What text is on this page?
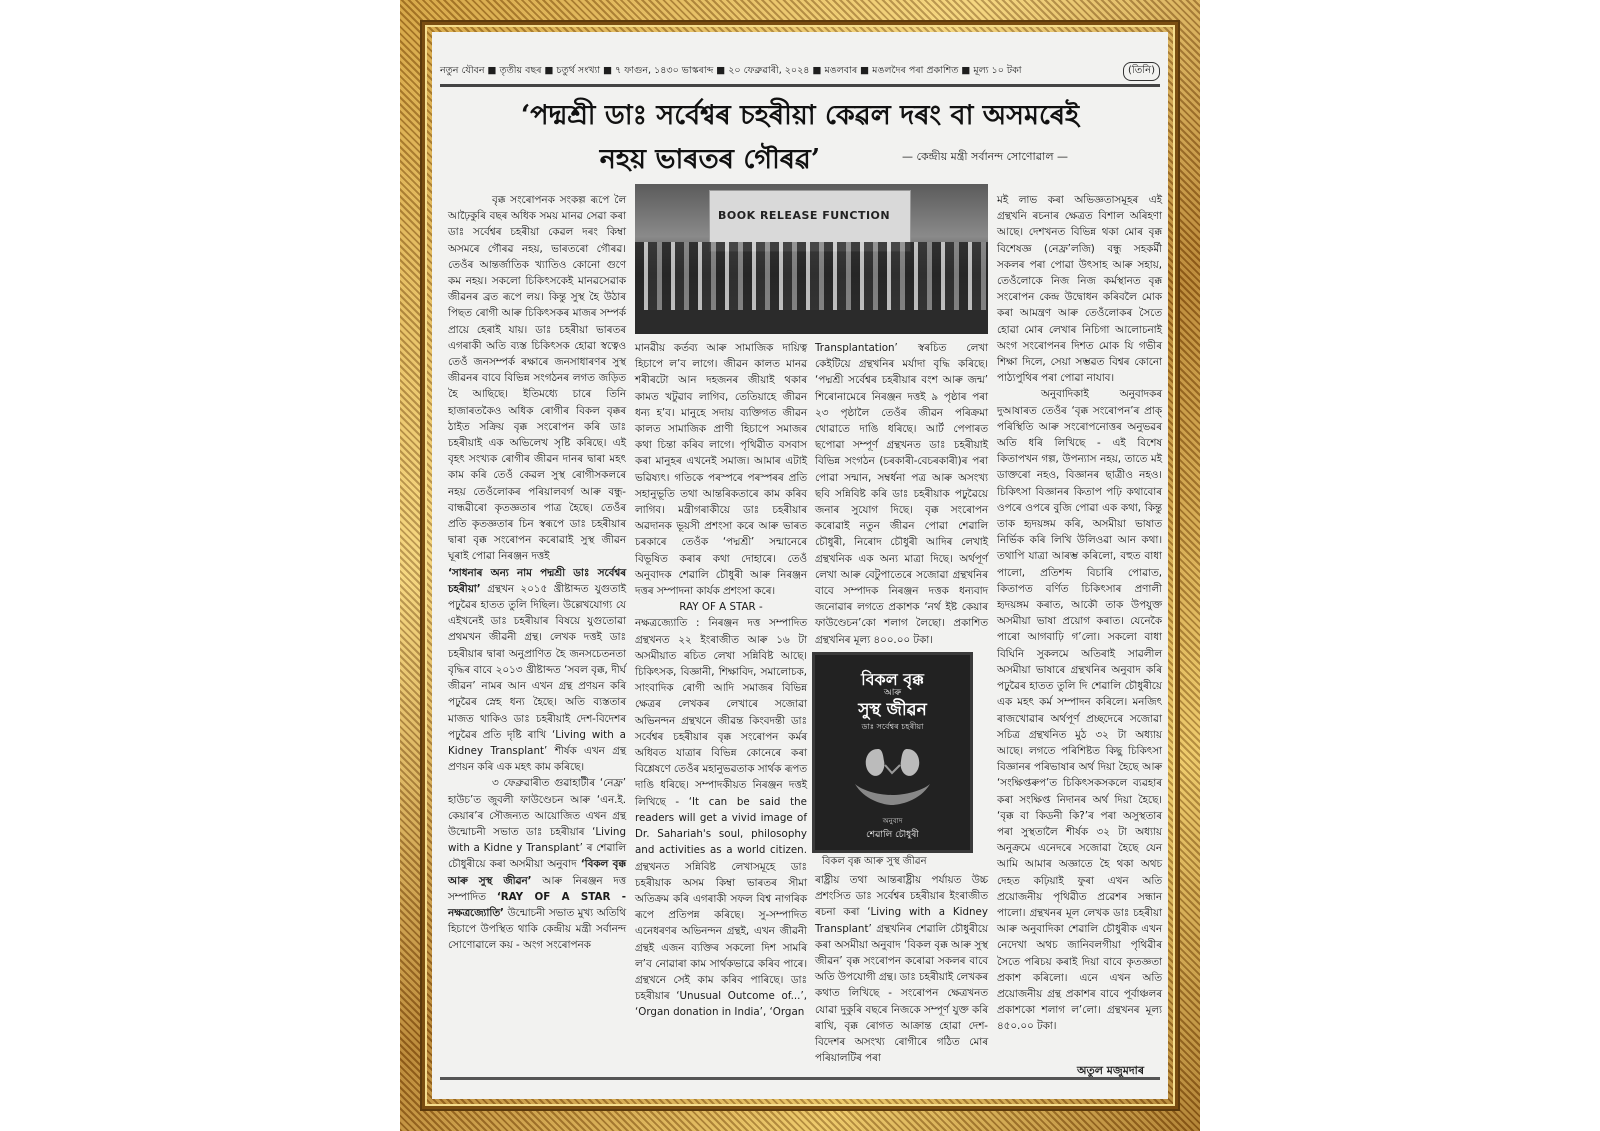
নতুন যৌবন ■ তৃতীয় বছৰ ■ চতুৰ্থ সংখ্যা ■ ৭ ফাগুন, ১৪৩০ ভাস্কৰাব্দ ■ ২০ ফেব্ৰুৱাৰী, ২০২৪ ■ মঙলবাৰ ■ মঙলদৈৰ পৰা প্ৰকাশিত ■ মূল্য ১০ টকা	(তিনি)
‘পদ্মশ্ৰী ডাঃ সৰ্বেশ্বৰ চহৰীয়া কেৱল দৰং বা অসমৰেই
নহয় ভাৰতৰ গৌৰৱ’	— কেন্দ্ৰীয় মন্ত্ৰী সৰ্বানন্দ সোণোৱাল —

বৃক্ক সংৰোপনক সংকল্প ৰূপে লৈ আঢ়ৈকুৰি বছৰ অধিক সময় মানৱ সেৱা কৰা ডাঃ সৰ্বেশ্বৰ চহৰীয়া কেৱল দৰং কিম্বা অসমৰে গৌৰৱ নহয়, ভাৰতৰো গৌৰৱ। তেওঁৰ আন্তৰ্জাতিক খ্যাতিও কোনো গুণে কম নহয়। সকলো চিকিৎসকেই মানৱসেৱাক জীৱনৰ ব্ৰত ৰূপে লয়। কিন্তু সুস্থ হৈ উঠাৰ পিছত ৰোগী আৰু চিকিৎসকৰ মাজৰ সম্পৰ্ক প্ৰায়ে হেৰাই যায়। ডাঃ চহৰীয়া ভাৰতৰ এগৰাকী অতি ব্যস্ত চিকিৎসক হোৱা স্বত্বেও তেওঁ জনসম্পৰ্ক ৰক্ষাৰে জনসাধাৰণৰ সুস্থ জীৱনৰ বাবে বিভিন্ন সংগঠনৰ লগত জড়িত হৈ আছিছে। ইতিমধ্যে চাৰে তিনি হাজাৰতকৈও অধিক ৰোগীৰ বিকল বৃক্কৰ ঠাইত সক্ৰিয় বৃক্ক সংৰোপন কৰি ডাঃ চহৰীয়াই এক অভিলেখ সৃষ্টি কৰিছে। এই বৃহৎ সংখ্যক ৰোগীৰ জীৱন দানৰ দ্বাৰা মহৎ কাম কৰি তেওঁ কেৱল সুস্থ ৰোগীসকলৰে নহয় তেওঁলোকৰ পৰিয়ালবৰ্গ আৰু বন্ধু-বান্ধৱীৰো কৃতজ্ঞতাৰ পাত্ৰ হৈছে। তেওঁৰ প্ৰতি কৃতজ্ঞতাৰ চিন স্বৰূপে ডাঃ চহৰীয়াৰ দ্বাৰা বৃক্ক সংৰোপন কৰোৱাই সুস্থ জীৱন ঘূৰাই পোৱা নিৰঞ্জন দত্তই

‘সাধনাৰ অন্য নাম পদ্মশ্ৰী ডাঃ সৰ্বেশ্বৰ চহৰীয়া’ গ্ৰন্থখন ২০১৫ খ্ৰীষ্টাব্দত যুগুতাই পঢ়ুৱৈৰ হাতত তুলি দিছিল। উল্লেখযোগ্য যে এইখনেই ডাঃ চহৰীয়াৰ বিষয়ে যুগুতোৱা প্ৰথমখন জীৱনী গ্ৰন্থ। লেখক দত্তই ডাঃ চহৰীয়াৰ দ্বাৰা অনুপ্ৰাণিত হৈ জনসচেতনতা বৃদ্ধিৰ বাবে ২০১৩ খ্ৰীষ্টাব্দত ‘সবল বৃক্ক, দীৰ্ঘ জীৱন’ নামৰ আন এখন গ্ৰন্থ প্ৰণয়ন কৰি পঢ়ুৱৈৰ স্নেহ ধন্য হৈছে। অতি ব্যস্ততাৰ মাজত থাকিও ডাঃ চহৰীয়াই দেশ-বিদেশৰ পঢ়ুৱৈৰ প্ৰতি দৃষ্টি ৰাখি ‘Living with a Kidney Transplant’ শীৰ্ষক এখন গ্ৰন্থ প্ৰণয়ন কৰি এক মহৎ কাম কৰিছে।

৩ ফেব্ৰুৱাৰীত গুৱাহাটীৰ ‘নেফ্ৰ’ হাউচ’ত জুবলী ফাউণ্ডেচন আৰু ‘এন.ই. কেয়াৰ’ৰ সৌজন্যত আয়োজিত এখন গ্ৰন্থ উন্মোচনী সভাত ডাঃ চহৰীয়াৰ ‘Living with a Kidne y Transplant’ ৰ শেৱালি চৌধুৰীয়ে কৰা অসমীয়া অনুবাদ ‘বিকল বৃক্ক আৰু সুস্থ জীৱন’ আৰু নিৰঞ্জন দত্ত সম্পাদিত ‘RAY OF A STAR - নক্ষত্ৰজ্যোতি’ উন্মোচনী সভাত মুখ্য অতিথি হিচাপে উপস্থিত থাকি কেন্দ্ৰীয় মন্ত্ৰী সৰ্বানন্দ সোণোৱালে কয় - অংগ সংৰোপনক

BOOK RELEASE FUNCTION

মানৱীয় কৰ্তব্য আৰু সামাজিক দায়িত্ব হিচাপে ল’ব লাগে। জীৱন কালত মানৱ শৰীৰটো আন দহজনৰ জীয়াই থকাৰ কামত খটুৱাব লাগিব, তেতিয়াহে জীৱন ধন্য হ’ব। মানুহে সদায় ব্যক্তিগত জীৱন কালত সামাজিক প্ৰাণী হিচাপে সমাজৰ কথা চিন্তা কৰিব লাগে। পৃথিৱীত বসবাস কৰা মানুহৰ এখনেই সমাজ। আমাৰ এটাই ভৱিষ্যৎ। গতিকে পৰস্পৰে পৰস্পৰৰ প্ৰতি সহানুভূতি তথা আন্তৰিকতাৰে কাম কৰিব লাগিব। মন্ত্ৰীগৰাকীয়ে ডাঃ চহৰীয়াৰ অৱদানক ভূয়সী প্ৰশংসা কৰে আৰু ভাৰত চৰকাৰে তেওঁক ‘পদ্মশ্ৰী’ সন্মানেৰে বিভূষিত কৰাৰ কথা দোহাৰে। তেওঁ অনুবাদক শেৱালি চৌধুৰী আৰু নিৰঞ্জন দত্তৰ সম্পাদনা কাৰ্যক প্ৰশংসা কৰে।

RAY OF A STAR -

নক্ষত্ৰজ্যোতি : নিৰঞ্জন দত্ত সম্পাদিত গ্ৰন্থখনত ২২ ইংৰাজীত আৰু ১৬ টা অসমীয়াত ৰচিত লেখা সন্নিবিষ্ট আছে। চিকিৎসক, বিজ্ঞানী, শিক্ষাবিদ, সমালোচক, সাংবাদিক ৰোগী আদি সমাজৰ বিভিন্ন ক্ষেত্ৰৰ লেখকৰ লেখাৰে সজোৱা অভিনন্দন গ্ৰন্থখনে জীৱন্ত কিংবদন্তী ডাঃ সৰ্বেশ্বৰ চহৰীয়াৰ বৃক্ক সংৰোপন কৰ্মৰ অধিবত যাত্ৰাৰ বিভিন্ন কোনেৰে কৰা বিশ্লেষণে তেওঁৰ মহানুভৱতাক সাৰ্থক ৰূপত দাঙি ধৰিছে। সম্পাদকীয়ত নিৰঞ্জন দত্তই লিখিছে - ‘It can be said the readers will get a vivid image of Dr. Sahariah's soul, philosophy and activities as a world citizen. গ্ৰন্থখনত সন্নিবিষ্ট লেখাসমূহে ডাঃ চহৰীয়াক অসম কিম্বা ভাৰতৰ সীমা অতিক্ৰম কৰি এগৰাকী সফল বিশ্ব নাগৰিক ৰূপে প্ৰতিপন্ন কৰিছে। সু-সম্পাদিত এনেধৰণৰ অভিনন্দন গ্ৰন্থই, এখন জীৱনী গ্ৰন্থই এজন ব্যক্তিৰ সকলো দিশ সামৰি ল’ব নোৱাৰা কাম সাৰ্থকভাৱে কৰিব পাৰে। গ্ৰন্থখনে সেই কাম কৰিব পাৰিছে। ডাঃ চহৰীয়াৰ ‘Unusual Outcome of...’, ‘Organ donation in India’, ‘Organ

Transplantation’ স্বৰচিত লেখা কেইটিয়ে গ্ৰন্থখনিৰ মৰ্যাদা বৃদ্ধি কৰিছে। ‘পদ্মশ্ৰী সৰ্বেশ্বৰ চহৰীয়াৰ বংশ আৰু জন্ম’ শিৰোনামেৰে নিৰঞ্জন দত্তই ৯ পৃষ্ঠাৰ পৰা ২৩ পৃষ্ঠালৈ তেওঁৰ জীৱন পৰিক্ৰমা থোৱাতে দাঙি ধৰিছে। আৰ্ট পেপাৰত ছপোৱা সম্পূৰ্ণ গ্ৰন্থখনত ডাঃ চহৰীয়াই বিভিন্ন সংগঠন (চৰকাৰী-বেচৰকাৰী)ৰ পৰা পোৱা সন্মান, সম্বৰ্ধনা পত্ৰ আৰু অসংখ্য ছবি সন্নিবিষ্ট কৰি ডাঃ চহৰীয়াক পঢ়ুৱৈয়ে জনাৰ সুযোগ দিছে। বৃক্ক সংৰোপন কৰোৱাই নতুন জীৱন পোৱা শেৱালি চৌধুৰী, নিৰোদ চৌধুৰী আদিৰ লেখাই গ্ৰন্থখনিক এক অন্য মাত্ৰা দিছে। অৰ্থপূৰ্ণ লেখা আৰু বেটুপাতেৰে সজোৱা গ্ৰন্থখনিৰ বাবে সম্পাদক নিৰঞ্জন দত্তক ধন্যবাদ জনোৱাৰ লগতে প্ৰকাশক ‘নৰ্থ ইষ্ট কেয়াৰ ফাউণ্ডেচন’কো শলাগ লৈছো। প্ৰকাশিত গ্ৰন্থখনিৰ মূল্য ৪০০.০০ টকা।

বিকল বৃক্ক
আৰু
সুস্থ জীৱন
ডাঃ সৰ্বেশ্বৰ চহৰীয়া
অনুবাদ
শেৱালি চৌধুৰী
বিকল বৃক্ক আৰু সুস্থ জীৱন

ৰাষ্ট্ৰীয় তথা আন্তৰাষ্ট্ৰীয় পৰ্যায়ত উচ্চ প্ৰশংসিত ডাঃ সৰ্বেশ্বৰ চহৰীয়াৰ ইংৰাজীত ৰচনা কৰা ‘Living with a Kidney Transplant’ গ্ৰন্থখনিৰ শেৱালি চৌধুৰীয়ে কৰা অসমীয়া অনুবাদ ‘বিকল বৃক্ক আৰু সুস্থ জীৱন’ বৃক্ক সংৰোপন কৰোৱা সকলৰ বাবে অতি উপযোগী গ্ৰন্থ। ডাঃ চহৰীয়াই লেখকৰ কথাত লিখিছে - সংৰোপন ক্ষেত্ৰখনত যোৱা দুকুৰি বছৰে নিজকে সম্পূৰ্ণ যুক্ত কৰি ৰাখি, বৃক্ক ৰোগত আক্ৰান্ত হোৱা দেশ-বিদেশৰ অসংখ্য ৰোগীৰে গঠিত মোৰ পৰিয়ালটিৰ পৰা

মই লাভ কৰা অভিজ্ঞতাসমূহৰ এই গ্ৰন্থখনি ৰচনাৰ ক্ষেত্ৰত বিশাল অৰিহণা আছে। দেশখনত বিভিন্ন থকা মোৰ বৃক্ক বিশেষজ্ঞ (নেফ্ৰ’লজি) বন্ধু সহকৰ্মী সকলৰ পৰা পোৱা উৎসাহ আৰু সহায়, তেওঁলোকে নিজ নিজ কৰ্মস্থানত বৃক্ক সংৰোপন কেন্দ্ৰ উদ্বোধন কৰিবলৈ মোক কৰা আমন্ত্ৰণ আৰু তেওঁলোকৰ সৈতে হোৱা মোৰ লেখাৰ নিচিগা আলোচনাই অংগ সংৰোপনৰ দিশত মোক যি গভীৰ শিক্ষা দিলে, সেয়া সম্ভৱত বিশ্বৰ কোনো পাঠ্যপুথিৰ পৰা পোৱা নাযাব।

অনুবাদিকাই অনুবাদকৰ দুআষাৰত তেওঁৰ ‘বৃক্ক সংৰোপন’ৰ প্ৰাক্ পৰিস্থিতি আৰু সংৰোপনোত্তৰ অনুভৱৰ অতি ধৰি লিখিছে - এই বিশেষ কিতাপখন গল্প, উপন্যাস নহয়, তাতে মই ডাক্তৰো নহও, বিজ্ঞানৰ ছাত্ৰীও নহও। চিকিৎসা বিজ্ঞানৰ কিতাপ পঢ়ি কথাবোৰ ওপৰে ওপৰে বুজি পোৱা এক কথা, কিন্তু তাক হৃদয়ঙ্গম কৰি, অসমীয়া ভাষাত নিৰ্ভিক কৰি লিখি উলিওৱা আন কথা। তথাপি যাত্ৰা আৰম্ভ কৰিলো, বহুত বাধা পালো, প্ৰতিশব্দ বিচাৰি পোৱাত, কিতাপত বৰ্ণিত চিকিৎসাৰ প্ৰণালী হৃদয়ঙ্গম কৰাত, আকৌ তাক উপযুক্ত অসমীয়া ভাষা প্ৰয়োগ কৰাত। যেনেকৈ পাৰো আগবাঢ়ি গ’লো। সকলো বাধা বিঘিনি সুকলমে অতিৰাই সাৱলীল অসমীয়া ভাষাৰে গ্ৰন্থখনিৰ অনুবাদ কৰি পঢ়ুৱৈৰ হাতত তুলি দি শেৱালি চৌধুৰীয়ে এক মহৎ কৰ্ম সম্পাদন কৰিলে। মনজিৎ ৰাজখোৱাৰ অৰ্থপূৰ্ণ প্ৰচ্ছদেৰে সজোৱা সচিত্ৰ গ্ৰন্থখনিত মুঠ ৩২ টা অধ্যায় আছে। লগতে পৰিশিষ্টত কিছু চিকিৎসা বিজ্ঞানৰ পৰিভাষাৰ অৰ্থ দিয়া হৈছে আৰু ‘সংক্ষিপ্তৰুপ’ত চিকিৎসকসকলে ব্যৱহাৰ কৰা সংক্ষিপ্ত নিদানৰ অৰ্থ দিয়া হৈছে। ‘বৃক্ক বা কিডনী কি?’ৰ পৰা অসুস্থতাৰ পৰা সুস্থতালৈ শীৰ্ষক ৩২ টা অধ্যায় অনুক্ৰমে এনেদৰে সজোৱা হৈছে যেন আমি আমাৰ অজ্ঞাতে হৈ থকা অথচ দেহত কঢ়িয়াই ফুৰা এখন অতি প্ৰয়োজনীয় পৃথিৱীত প্ৰৱেশৰ সন্ধান পালো। গ্ৰন্থখনৰ মূল লেখক ডাঃ চহৰীয়া আৰু অনুবাদিকা শেৱালি চৌধুৰীক এখন নেদেখা অথচ জানিবলগীয়া পৃথিৱীৰ সৈতে পৰিচয় কৰাই দিয়া বাবে কৃতজ্ঞতা প্ৰকাশ কৰিলো। এনে এখন অতি প্ৰয়োজনীয় গ্ৰন্থ প্ৰকাশৰ বাবে পূৰ্বাঞ্চলৰ প্ৰকাশকো শলাগ ল’লো। গ্ৰন্থখনৰ মূল্য ৪৫০.০০ টকা।

অতুল মজুমদাৰ
